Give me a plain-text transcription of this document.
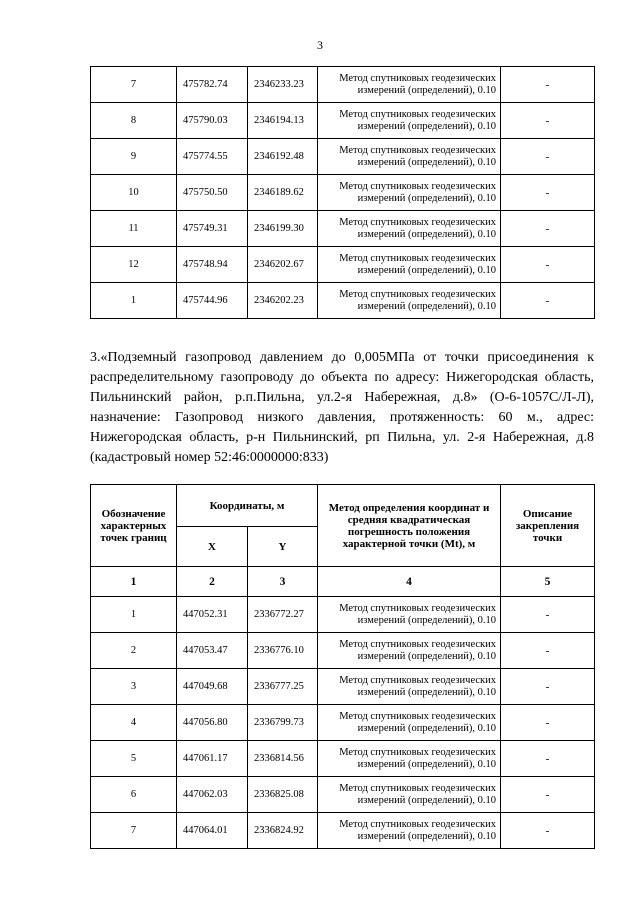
3
7	475782.74	2346233.23	Метод спутниковых геодезических измерений (определений), 0.10	-
8	475790.03	2346194.13	Метод спутниковых геодезических измерений (определений), 0.10	-
9	475774.55	2346192.48	Метод спутниковых геодезических измерений (определений), 0.10	-
10	475750.50	2346189.62	Метод спутниковых геодезических измерений (определений), 0.10	-
11	475749.31	2346199.30	Метод спутниковых геодезических измерений (определений), 0.10	-
12	475748.94	2346202.67	Метод спутниковых геодезических измерений (определений), 0.10	-
1	475744.96	2346202.23	Метод спутниковых геодезических измерений (определений), 0.10	-
3.«Подземный газопровод давлением до 0,005МПа от точки присоединения к распределительному газопроводу до объекта по адресу: Нижегородская область, Пильнинский район, р.п.Пильна, ул.2-я Набережная, д.8» (О-6-1057С/Л-Л), назначение: Газопровод низкого давления, протяженность: 60 м., адрес: Нижегородская область, р-н Пильнинский, рп Пильна, ул. 2-я Набережная, д.8 (кадастровый номер 52:46:0000000:833)
Обозначение характерных точек границ	Координаты, м		Метод определения координат и средняя квадратическая погрешность положения характерной точки (Mt), м	Описание закрепления точки
	X	Y		
1	2	3	4	5
1	447052.31	2336772.27	Метод спутниковых геодезических измерений (определений), 0.10	-
2	447053.47	2336776.10	Метод спутниковых геодезических измерений (определений), 0.10	-
3	447049.68	2336777.25	Метод спутниковых геодезических измерений (определений), 0.10	-
4	447056.80	2336799.73	Метод спутниковых геодезических измерений (определений), 0.10	-
5	447061.17	2336814.56	Метод спутниковых геодезических измерений (определений), 0.10	-
6	447062.03	2336825.08	Метод спутниковых геодезических измерений (определений), 0.10	-
7	447064.01	2336824.92	Метод спутниковых геодезических измерений (определений), 0.10	-
